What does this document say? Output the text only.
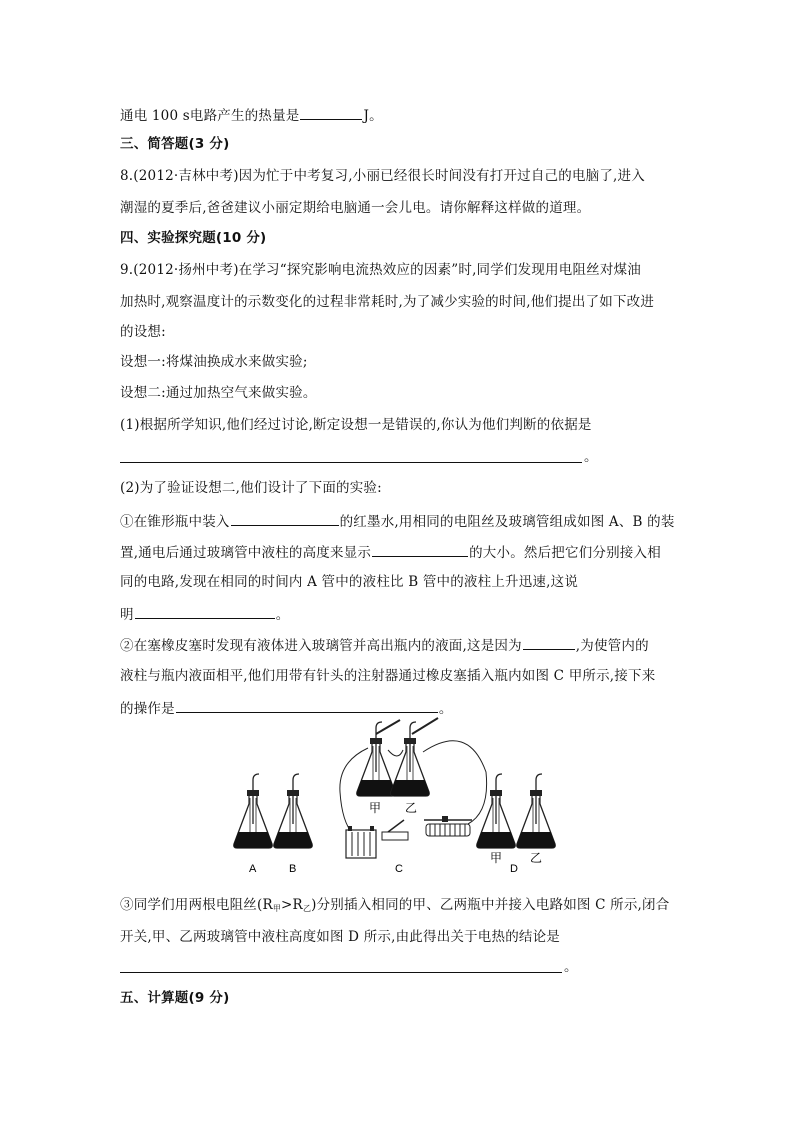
通电 100 s电路产生的热量是	J。
三、简答题(3 分)
8.(2012·吉林中考)因为忙于中考复习,小丽已经很长时间没有打开过自己的电脑了,进入
潮湿的夏季后,爸爸建议小丽定期给电脑通一会儿电。请你解释这样做的道理。
四、实验探究题(10 分)
9.(2012·扬州中考)在学习“探究影响电流热效应的因素”时,同学们发现用电阻丝对煤油
加热时,观察温度计的示数变化的过程非常耗时,为了减少实验的时间,他们提出了如下改进
的设想:
设想一:将煤油换成水来做实验;
设想二:通过加热空气来做实验。
(1)根据所学知识,他们经过讨论,断定设想一是错误的,你认为他们判断的依据是
。
(2)为了验证设想二,他们设计了下面的实验:
①在锥形瓶中装入	的红墨水,用相同的电阻丝及玻璃管组成如图 A、B 的装
置,通电后通过玻璃管中液柱的高度来显示	的大小。然后把它们分别接入相
同的电路,发现在相同的时间内 A 管中的液柱比 B 管中的液柱上升迅速,这说
明	。
②在塞橡皮塞时发现有液体进入玻璃管并高出瓶内的液面,这是因为	,为使管内的
液柱与瓶内液面相平,他们用带有针头的注射器通过橡皮塞插入瓶内如图 C 甲所示,接下来
的操作是	。
A	B	C	D
甲 乙
甲 乙
③同学们用两根电阻丝$(R_甲>R_乙)$分别插入相同的甲、乙两瓶中并接入电路如图 C 所示,闭合
开关,甲、乙两玻璃管中液柱高度如图 D 所示,由此得出关于电热的结论是
。
五、计算题(9 分)
